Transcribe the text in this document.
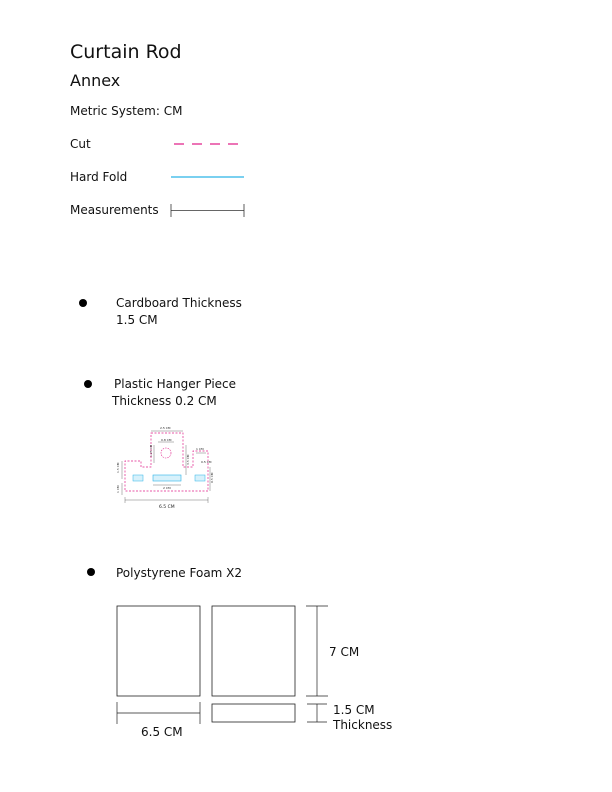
Curtain Rod
Annex
Metric System: CM
Cut
Hard Fold
Measurements
Cardboard Thickness
1.5 CM
Plastic Hanger Piece
Thickness 0.2 CM
2.5 CM
0.8 CM
1.25 CM
3.5 CM
1 CM
0.5 CM
0.5 CM
1.5 CM
1 CM	2 CM
6.5 CM
Polystyrene Foam X2
7 CM
6.5 CM
1.5 CM
Thickness
